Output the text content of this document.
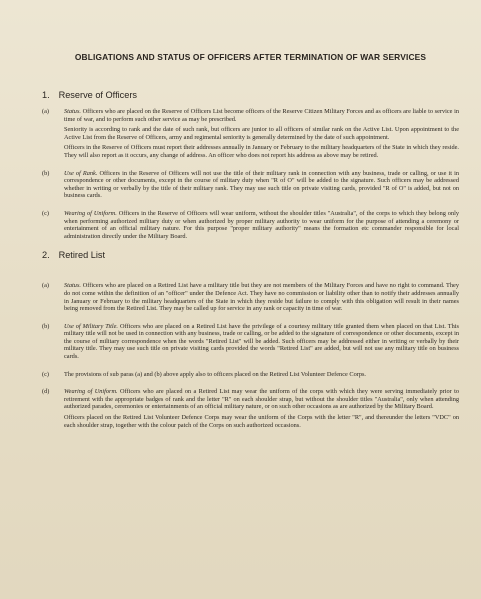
OBLIGATIONS AND STATUS OF OFFICERS AFTER TERMINATION OF WAR SERVICES
1. Reserve of Officers
(a)	Status. Officers who are placed on the Reserve of Officers List become officers of the Reserve Citizen Military Forces and as officers are liable to service in time of war, and to perform such other service as may be prescribed.

Seniority is according to rank and the date of such rank, but officers are junior to all officers of similar rank on the Active List. Upon appointment to the Active List from the Reserve of Officers, army and regimental seniority is generally determined by the date of such appointment.

Officers in the Reserve of Officers must report their addresses annually in January or February to the military headquarters of the State in which they reside. They will also report as it occurs, any change of address. An officer who does not report his address as above may be retired.

(b)	Use of Rank. Officers in the Reserve of Officers will not use the title of their military rank in connection with any business, trade or calling, or use it in correspondence or other documents, except in the course of military duty when "R of O" will be added to the signature. Such officers may be addressed whether in writing or verbally by the title of their military rank. They may use such title on private visiting cards, provided "R of O" is added, but not on business cards.

(c)	Wearing of Uniform. Officers in the Reserve of Officers will wear uniform, without the shoulder titles "Australia", of the corps to which they belong only when performing authorized military duty or when authorized by proper military authority to wear uniform for the purpose of attending a ceremony or entertainment of an official military nature. For this purpose "proper military authority" means the formation etc commander responsible for local administration directly under the Military Board.

2. Retired List
(a)	Status. Officers who are placed on a Retired List have a military title but they are not members of the Military Forces and have no right to command. They do not come within the definition of an "officer" under the Defence Act. They have no commission or liability other than to notify their addresses annually in January or February to the military headquarters of the State in which they reside but failure to comply with this obligation will result in their names being removed from the Retired List. They may be called up for service in any rank or capacity in time of war.

(b)	Use of Military Title. Officers who are placed on a Retired List have the privilege of a courtesy military title granted them when placed on that List. This military title will not be used in connection with any business, trade or calling, or be added to the signature of correspondence or other documents, except in the course of military correspondence when the words "Retired List" will be added. Such officers may be addressed either in writing or verbally by their military title. They may use such title on private visiting cards provided the words "Retired List" are added, but will not use any military title on business cards.

(c)	The provisions of sub paras (a) and (b) above apply also to officers placed on the Retired List Volunteer Defence Corps.

(d)	Wearing of Uniform. Officers who are placed on a Retired List may wear the uniform of the corps with which they were serving immediately prior to retirement with the appropriate badges of rank and the letter "R" on each shoulder strap, but without the shoulder titles "Australia", only when attending authorized parades, ceremonies or entertainments of an official military nature, or on such other occasions as are authorized by the Military Board.

Officers placed on the Retired List Volunteer Defence Corps may wear the uniform of the Corps with the letter "R", and thereunder the letters "VDC" on each shoulder strap, together with the colour patch of the Corps on such authorized occasions.
